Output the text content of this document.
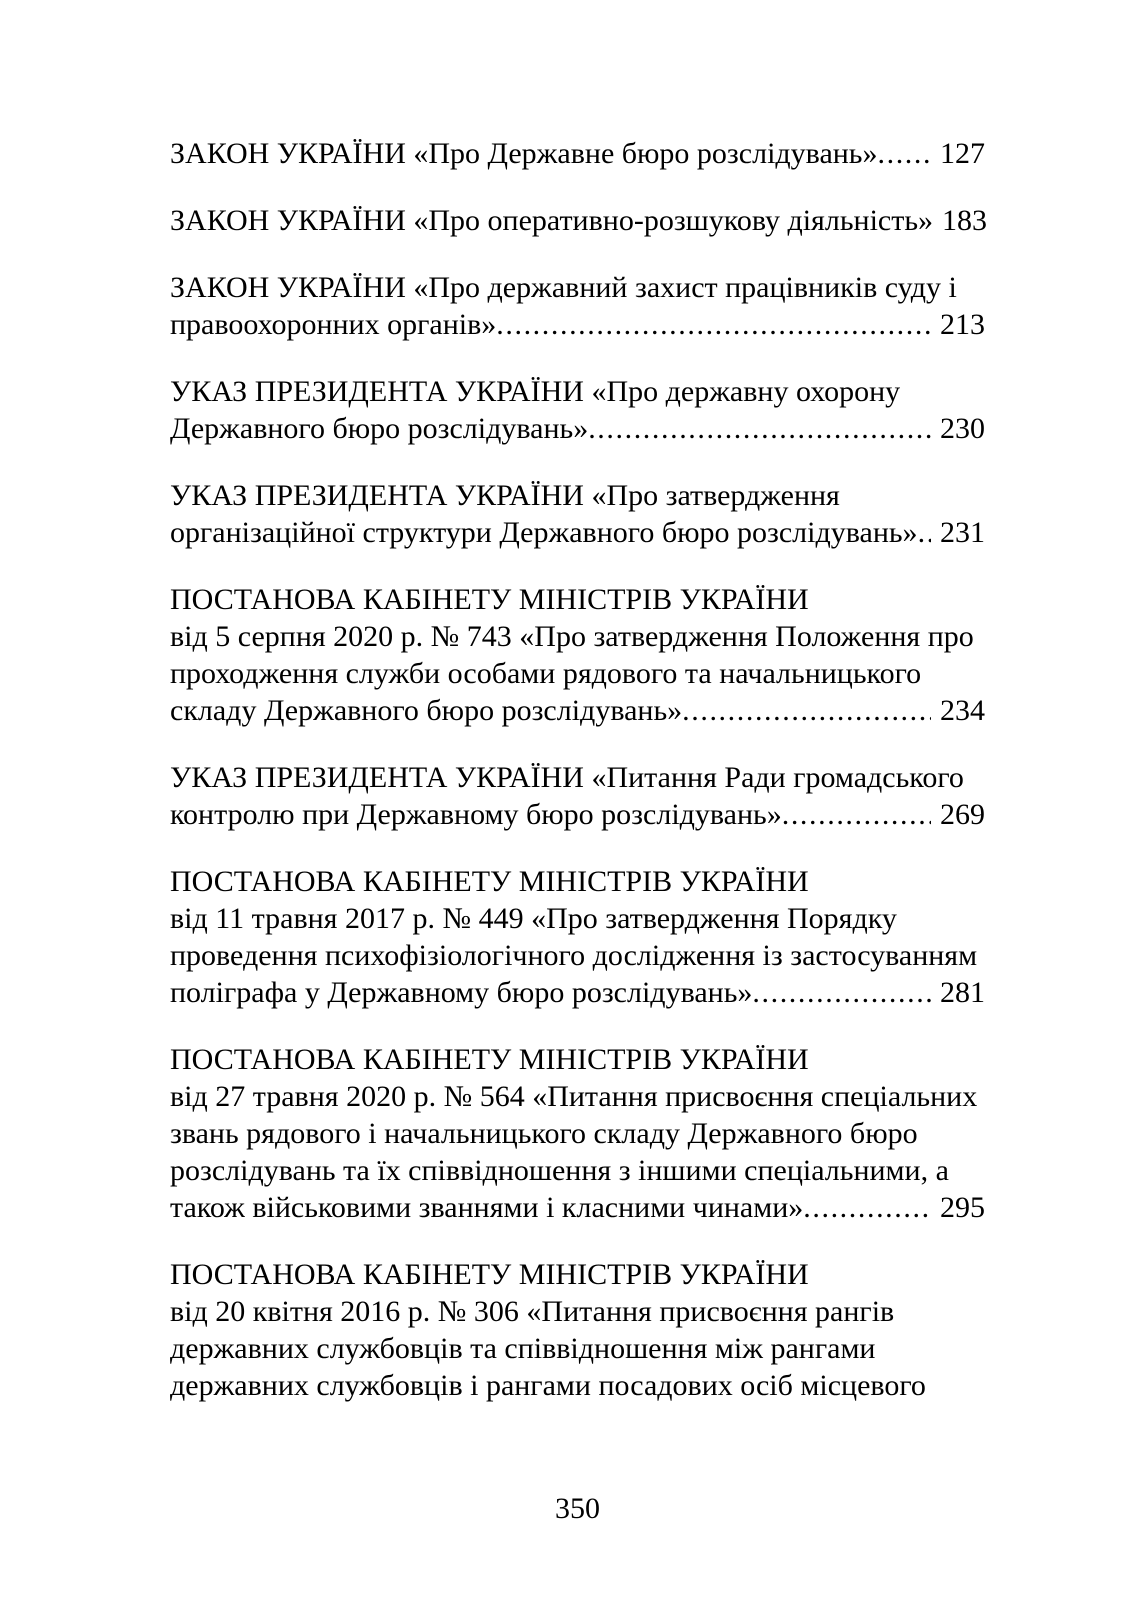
ЗАКОН УКРАЇНИ «Про Державне бюро розслідувань» ..... 127
ЗАКОН УКРАЇНИ «Про оперативно-розшукову діяльність» 183
ЗАКОН УКРАЇНИ «Про державний захист працівників суду і
правоохоронних органів» .....	213
УКАЗ ПРЕЗИДЕНТА УКРАЇНИ «Про державну охорону
Державного бюро розслідувань» .....	230
УКАЗ ПРЕЗИДЕНТА УКРАЇНИ «Про затвердження
організаційної структури Державного бюро розслідувань» ..... 231
ПОСТАНОВА КАБІНЕТУ МІНІСТРІВ УКРАЇНИ
від 5 серпня 2020 р. № 743 «Про затвердження Положення про
проходження служби особами рядового та начальницького
складу Державного бюро розслідувань» .....	234
УКАЗ ПРЕЗИДЕНТА УКРАЇНИ «Питання Ради громадського
контролю при Державному бюро розслідувань» .....	269
ПОСТАНОВА КАБІНЕТУ МІНІСТРІВ УКРАЇНИ
від 11 травня 2017 р. № 449 «Про затвердження Порядку
проведення психофізіологічного дослідження із застосуванням
поліграфа у Державному бюро розслідувань» .....	281
ПОСТАНОВА КАБІНЕТУ МІНІСТРІВ УКРАЇНИ
від 27 травня 2020 р. № 564 «Питання присвоєння спеціальних
звань рядового і начальницького складу Державного бюро
розслідувань та їх співвідношення з іншими спеціальними, а
також військовими званнями і класними чинами» .....	295
ПОСТАНОВА КАБІНЕТУ МІНІСТРІВ УКРАЇНИ
від 20 квітня 2016 р. № 306 «Питання присвоєння рангів
державних службовців та співвідношення між рангами
державних службовців і рангами посадових осіб місцевого
350
